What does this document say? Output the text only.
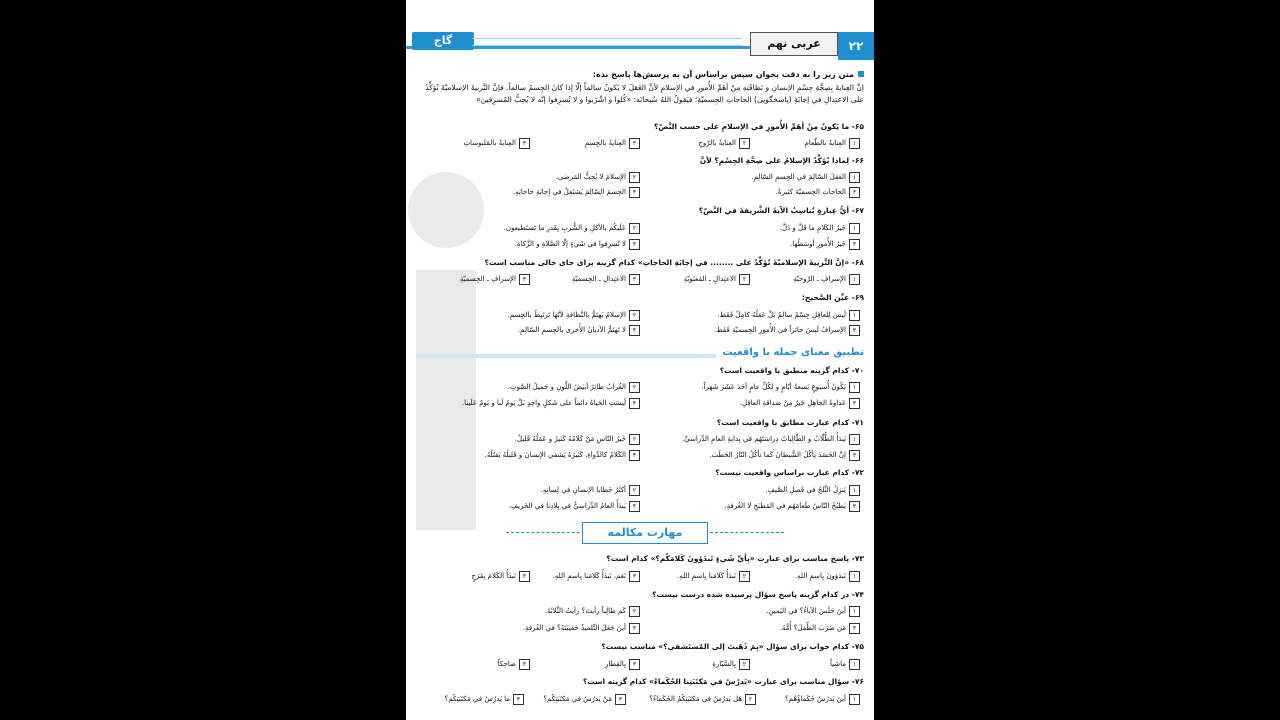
گاج	عربی نهم	۲۲
متن زیر را به دقت بخوان سپس براساس آن به پرسش‌ها پاسخ بده:
إنَّ العِنايةَ بِصِحَّةِ جِسْمِ الإنسانِ و نَظافَتِهِ مِنْ أهَمِّ الأُمورِ في الإسلامِ لأنَّ العَقلَ لا يَكونُ سالماً إلّا إذا كانَ الجِسمُ سالماً. فإنَّ التَّربيةَ الإسلاميّةَ تُؤكِّدُ على الاعتِدالِ في إجابَةِ (پاسخگویی) الحاجاتِ الجِسميّةِ؛ فيَقولُ اللهُ سُبحانَه: «كُلوا و اشْرَبوا و لا تُسرِفوا إنّه لا يُحِبُّ المُسرِفين»
۶۵- ما يَكونُ مِنْ أهَمِّ الأُمورِ في الإسلامِ على حسب النَّصّ؟
۱العِنايةُ بالطّعامِ
۲العِنايةُ بالرّوحِ
۳العِنايةُ بالجِسمِ
۴العِنايةُ بالمَلبوساتِ
۶۶- لِماذا يُؤكِّدُ الإسلامُ على صِحَّةِ الجِسْمِ؟ لأنَّ
۱العَقلَ السّالِمَ في الجِسمِ السّالِمِ.
۲الإسلامَ لا يُحِبُّ المَرضى.
۳الحاجاتِ الجِسميّةَ كثيرةٌ.
۴الجِسمَ السّالِمَ يَشتَغِلُ في إجابَةِ حاجاتِهِ.
۶۷- أيُّ عِبارةٍ تُناسِبُ الآيةَ الشَّريفةَ في النَّصّ؟
۱خَيرُ الكَلامِ ما قَلَّ و دَلَّ.
۲عَلَيكُم بالأكلِ و الشُّربِ بِقَدرِ ما تَستَطيعون.
۳خَيرُ الأُمورِ أوسَطُها.
۴لا تُسرِفوا في شَيءٍ إلّا الصَّلاةِ و الزَّكاةِ.
۶۸- «إنَّ التَّربيةَ الإسلاميّةَ تُؤكِّدُ على ........ في إجابَةِ الحاجاتِ» کدام گزینه برای جای خالی مناسب است؟
۱الإسرافِ ـ الرّوحيّةِ
۲الاعتِدالِ ـ المَعنَويّةِ
۳الاعتِدالِ ـ الجِسميّةِ
۴الإسرافِ ـ الجِسميّةِ
۶۹- عيِّن الصَّحيح:
۱لَيسَ لِلعاقِلِ جِسْمٌ سالِمٌ بَلْ عَقلُهُ كامِلٌ فَقَط.
۲الإسلامُ يَهتَمُّ بالنَّظافةِ لأنّها تَرتَبِطُ بالجِسمِ.
۳الإسرافُ لَيسَ جائزاً في الأُمورِ الجِسميّةِ فَقَط.
۴لا تَهتَمُّ الأديانُ الأُخرى بالجِسمِ السّالِمِ.
تطبیق معنای جمله با واقعیت
۷۰- کدام گزینه منطبق با واقعیت است؟
۱يَكُونُ أُسبوعٍ يَسعةُ أيّامٍ و لِكُلِّ عامٍ أحَدَ عَشَرَ شَهراً.
۲الغُرابُ طائِرٌ أبيَضُ اللَّونِ و جَميلُ الصَّوتِ.
۳عَداوةُ الجاهِلِ خَيرٌ مِنْ صَداقةِ العاقِلِ.
۴لَيسَتِ الحَياةُ دائماً على شَكلٍ واحِدٍ بَلْ يَومٌ لَنا و يَومٌ عَلَينا.
۷۱- کدام عبارت مطابق با واقعیت است؟
۱يَبدَأُ الطُّلّابُ و الطّالِباتُ دِراسَتَهُم في بِدايةِ العامِ الدِّراسيِّ.
۲خَيرُ النّاسِ مَنْ كَلامُهُ كَثيرٌ و عَمَلُهُ قَليلٌ.
۳إنَّ الحَسَدَ يأكُلُ الشَّيطانَ كَما تأكُلُ النّارُ الحَطَبَ.
۴الكَلامُ كالدَّواءِ، كَثيرُهُ يَشفي الإنسانَ و قَليلُهُ يَقتُلُهُ.
۷۲- کدام عبارت براساس واقعیت نیست؟
۱يَنزِلُ الثَّلجُ في فَصلِ الصَّيفِ.
۲أكثَرُ خَطايا الإنسانِ في لِسانِهِ.
۳يَطبُخُ النّاسُ طَعامَهُم في المَطبَخِ لا الغُرفةِ.
۴يَبدَأُ العامُ الدِّراسيُّ في بِلادِنا في الخَريفِ.
مهارت مکالمه
۷۳- پاسخ مناسب برای عبارت «بِأيِّ شَيءٍ تَبدَؤونَ كَلامَكُم؟» کدام است؟
۱نَبدَؤونَ بِاسمِ اللهِ.
۲نَبدَأُ كَلامَنا بِاسمِ اللهِ.
۳نَعَم، نَبدَأُ كَلامَنا بِاسمِ اللهِ.
۴نَبدَأُ الكَلامَ بِفَرَحٍ
۷۴- در کدام گزینه پاسخ سؤال پرسیده شده درست نیست؟
۱أينَ جَلَسَ الآباءُ؟ في اليَمينِ.
۲كَم طالِباً رأيتَ؟ رأيتُ الثَّلاثَةَ.
۳مَن ضَرَبَ الطِّفلَ؟ أُمُّهُ.
۴أينَ جَعَلَ التِّلميذُ حَقيبَتَهُ؟ في الغُرفةِ.
۷۵- کدام جواب برای سؤال «بِمَ ذَهَبتَ إلى المُستَشفى؟» مناسب نیست؟
۱ماشِياً
۲بِالسَّيّارةِ
۳بِالقِطارِ
۴ضاحِكاً
۷۶- سؤال مناسب برای عبارت «يَدرُسُ في مَكتَبَتِنا الحُكَماءُ» کدام گزینه است؟
۱أينَ يَدرُسُ حُكَماؤُهُم؟
۲هَل يَدرُسُ في مَكتَبَتِكُمُ الحُكَماءُ؟
۳مَنْ يَدرُسُ في مَكتَبَتِكُم؟
۴ما يَدرُسُ في مَكتَبَتِكُم؟
